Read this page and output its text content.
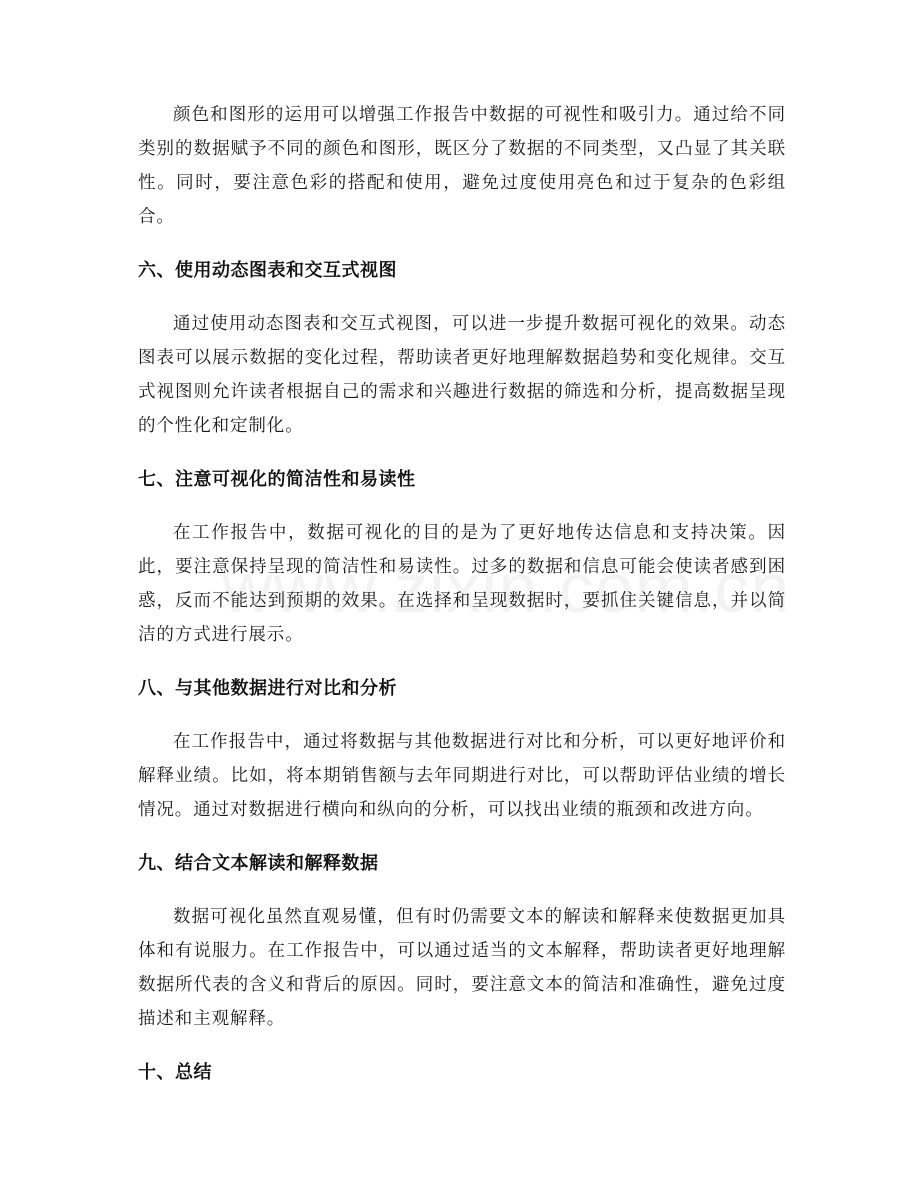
颜色和图形的运用可以增强工作报告中数据的可视性和吸引力。通过给不同类别的数据赋予不同的颜色和图形，既区分了数据的不同类型，又凸显了其关联性。同时，要注意色彩的搭配和使用，避免过度使用亮色和过于复杂的色彩组合。

六、使用动态图表和交互式视图

通过使用动态图表和交互式视图，可以进一步提升数据可视化的效果。动态图表可以展示数据的变化过程，帮助读者更好地理解数据趋势和变化规律。交互式视图则允许读者根据自己的需求和兴趣进行数据的筛选和分析，提高数据呈现的个性化和定制化。

七、注意可视化的简洁性和易读性

在工作报告中，数据可视化的目的是为了更好地传达信息和支持决策。因此，要注意保持呈现的简洁性和易读性。过多的数据和信息可能会使读者感到困惑，反而不能达到预期的效果。在选择和呈现数据时，要抓住关键信息，并以简洁的方式进行展示。

八、与其他数据进行对比和分析

在工作报告中，通过将数据与其他数据进行对比和分析，可以更好地评价和解释业绩。比如，将本期销售额与去年同期进行对比，可以帮助评估业绩的增长情况。通过对数据进行横向和纵向的分析，可以找出业绩的瓶颈和改进方向。

九、结合文本解读和解释数据

数据可视化虽然直观易懂，但有时仍需要文本的解读和解释来使数据更加具体和有说服力。在工作报告中，可以通过适当的文本解释，帮助读者更好地理解数据所代表的含义和背后的原因。同时，要注意文本的简洁和准确性，避免过度描述和主观解释。

十、总结
